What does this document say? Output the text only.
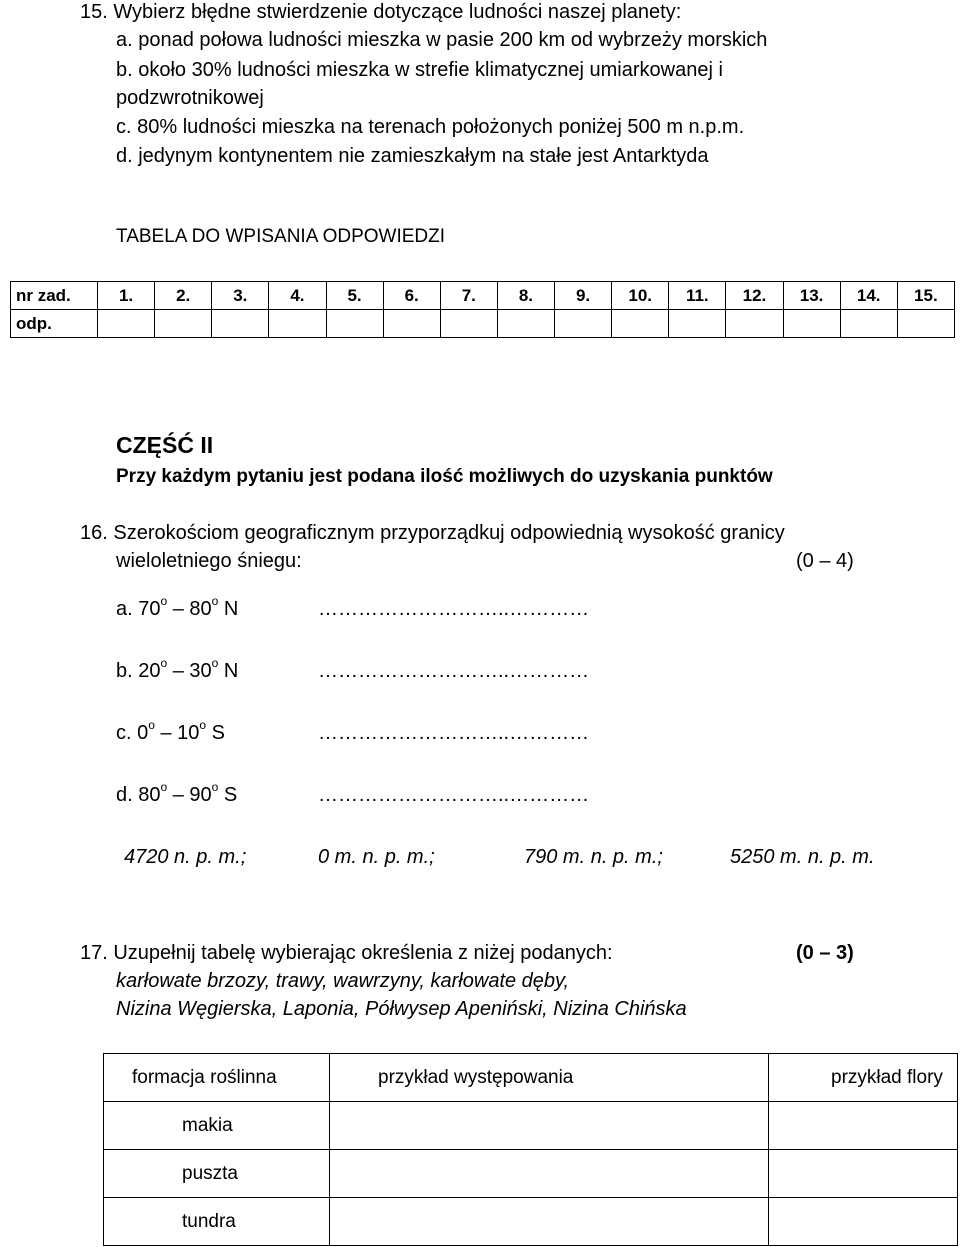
15. Wybierz błędne stwierdzenie dotyczące ludności naszej planety:
a. ponad połowa ludności mieszka w pasie 200 km od wybrzeży morskich
b. około 30% ludności mieszka w strefie klimatycznej umiarkowanej i
podzwrotnikowej
c. 80% ludności mieszka na terenach położonych poniżej 500 m n.p.m.
d. jedynym kontynentem nie zamieszkałym na stałe jest Antarktyda
TABELA DO WPISANIA ODPOWIEDZI
nr zad.	1.	2.	3.	4.	5.	6.	7.	8.	9.	10.	11.	12.	13.	14.	15.
odp.															
CZĘŚĆ II
Przy każdym pytaniu jest podana ilość możliwych do uzyskania punktów
16. Szerokościom geograficznym przyporządkuj odpowiednią wysokość granicy
wieloletniego śniegu:	(0 – 4)
a. 70$^o$ – 80$^o$ N	………………………..…………
b. 20$^o$ – 30$^o$ N	………………………..…………
c. 0$^o$ – 10$^o$ S	………………………..…………
d. 80$^o$ – 90$^o$ S	………………………..…………
4720 n. p. m.;	0 m. n. p. m.;	790 m. n. p. m.;	5250 m. n. p. m.
17. Uzupełnij tabelę wybierając określenia z niżej podanych:	(0 – 3)
karłowate brzozy, trawy, wawrzyny, karłowate dęby,
Nizina Węgierska, Laponia, Półwysep Apeniński, Nizina Chińska
formacja roślinna	przykład występowania	przykład flory
makia		
puszta		
tundra		
